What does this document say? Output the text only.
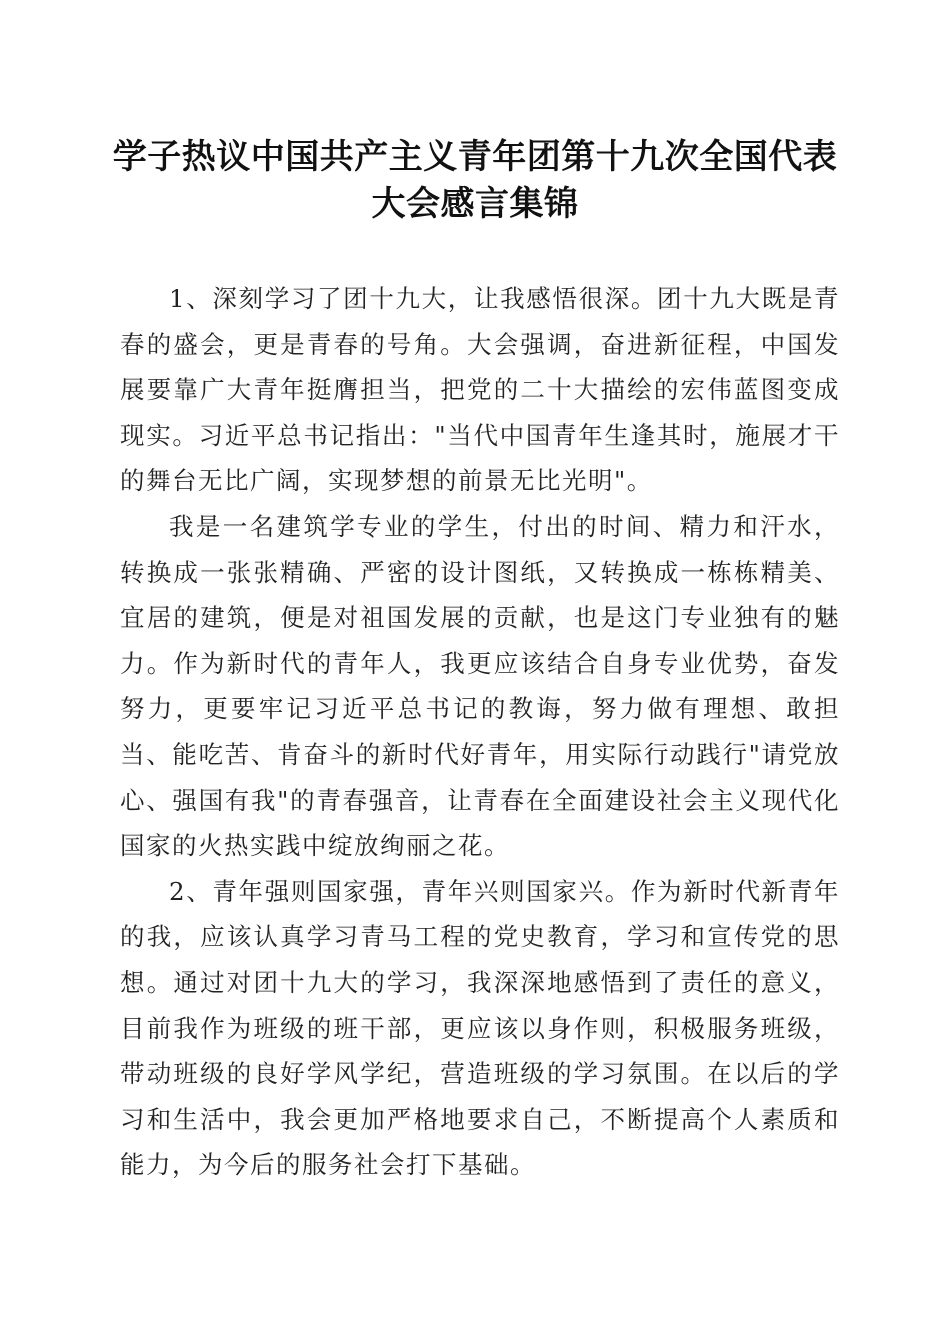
学子热议中国共产主义青年团第十九次全国代表大会感言集锦

1、深刻学习了团十九大，让我感悟很深。团十九大既是青春的盛会，更是青春的号角。大会强调，奋进新征程，中国发展要靠广大青年挺膺担当，把党的二十大描绘的宏伟蓝图变成现实。习近平总书记指出："当代中国青年生逢其时，施展才干的舞台无比广阔，实现梦想的前景无比光明"。

我是一名建筑学专业的学生，付出的时间、精力和汗水，转换成一张张精确、严密的设计图纸，又转换成一栋栋精美、宜居的建筑，便是对祖国发展的贡献，也是这门专业独有的魅力。作为新时代的青年人，我更应该结合自身专业优势，奋发努力，更要牢记习近平总书记的教诲，努力做有理想、敢担当、能吃苦、肯奋斗的新时代好青年，用实际行动践行"请党放心、强国有我"的青春强音，让青春在全面建设社会主义现代化国家的火热实践中绽放绚丽之花。

2、青年强则国家强，青年兴则国家兴。作为新时代新青年的我，应该认真学习青马工程的党史教育，学习和宣传党的思想。通过对团十九大的学习，我深深地感悟到了责任的意义，目前我作为班级的班干部，更应该以身作则，积极服务班级，带动班级的良好学风学纪，营造班级的学习氛围。在以后的学习和生活中，我会更加严格地要求自己，不断提高个人素质和能力，为今后的服务社会打下基础。
